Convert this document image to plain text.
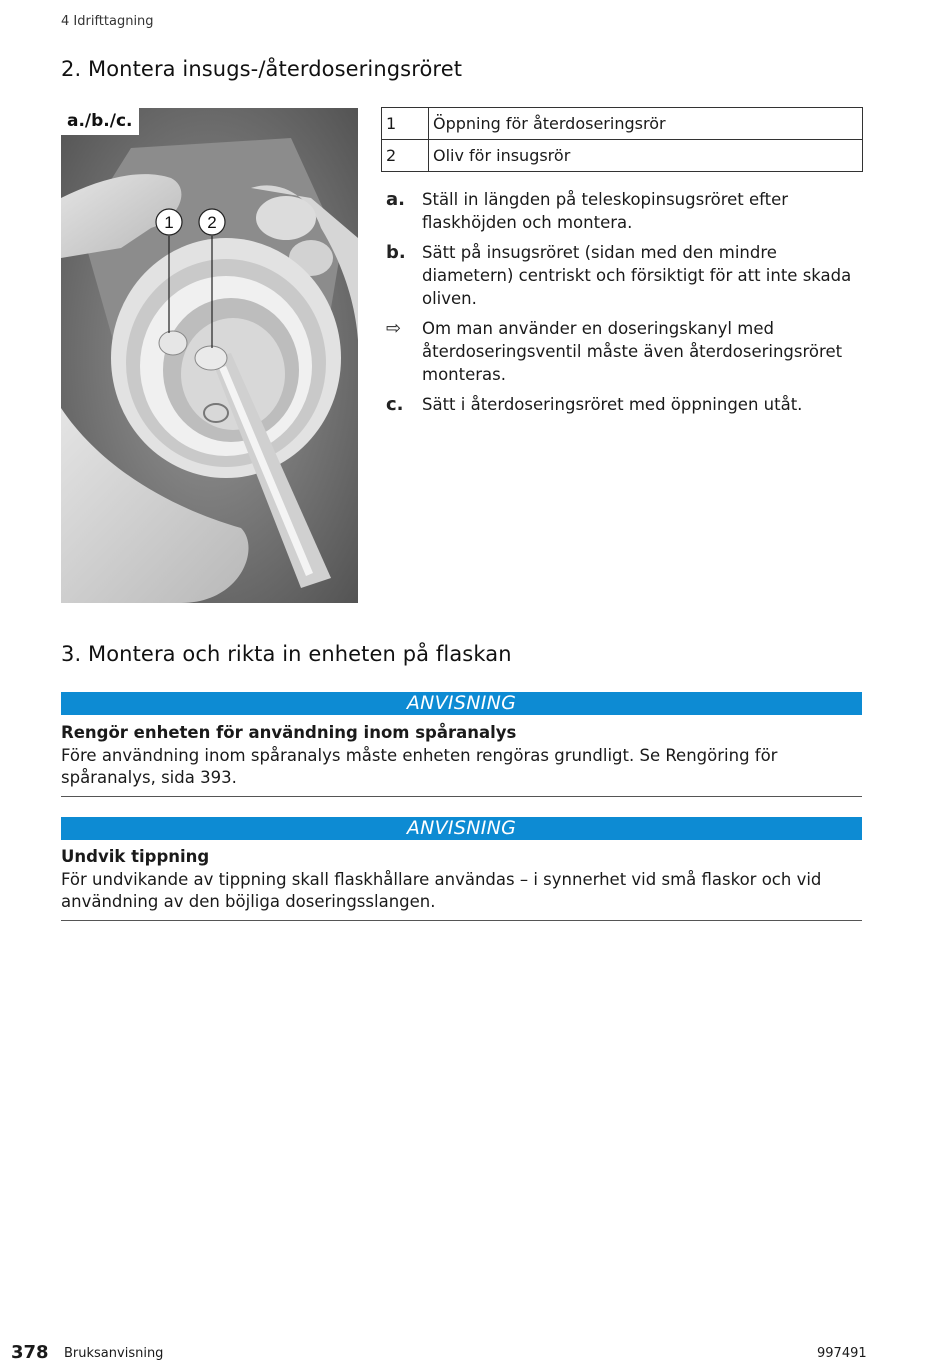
4 Idrifttagning
2. Montera insugs-/återdoseringsröret
1 2
a./b./c.	1	Öppning för återdoseringsrör
2	Oliv för insugsrör
a.	Ställ in längden på teleskopinsugsröret efter flaskhöjden och montera.
b. Sätt på insugsröret (sidan med den mindre diametern) centriskt och försiktigt för att inte skada oliven.
⇨	Om man använder en doseringskanyl med återdoseringsventil måste även återdoseringsröret monteras.
c.	Sätt i återdoseringsröret med öppningen utåt.
3. Montera och rikta in enheten på flaskan
ANVISNING
Rengör enheten för användning inom spåranalys
Före användning inom spåranalys måste enheten rengöras grundligt. Se Rengöring för spåranalys, sida 393.
ANVISNING
Undvik tippning
För undvikande av tippning skall flaskhållare användas – i synnerhet vid små flaskor och vid användning av den böjliga doseringsslangen.
378 Bruksanvisning	997491
